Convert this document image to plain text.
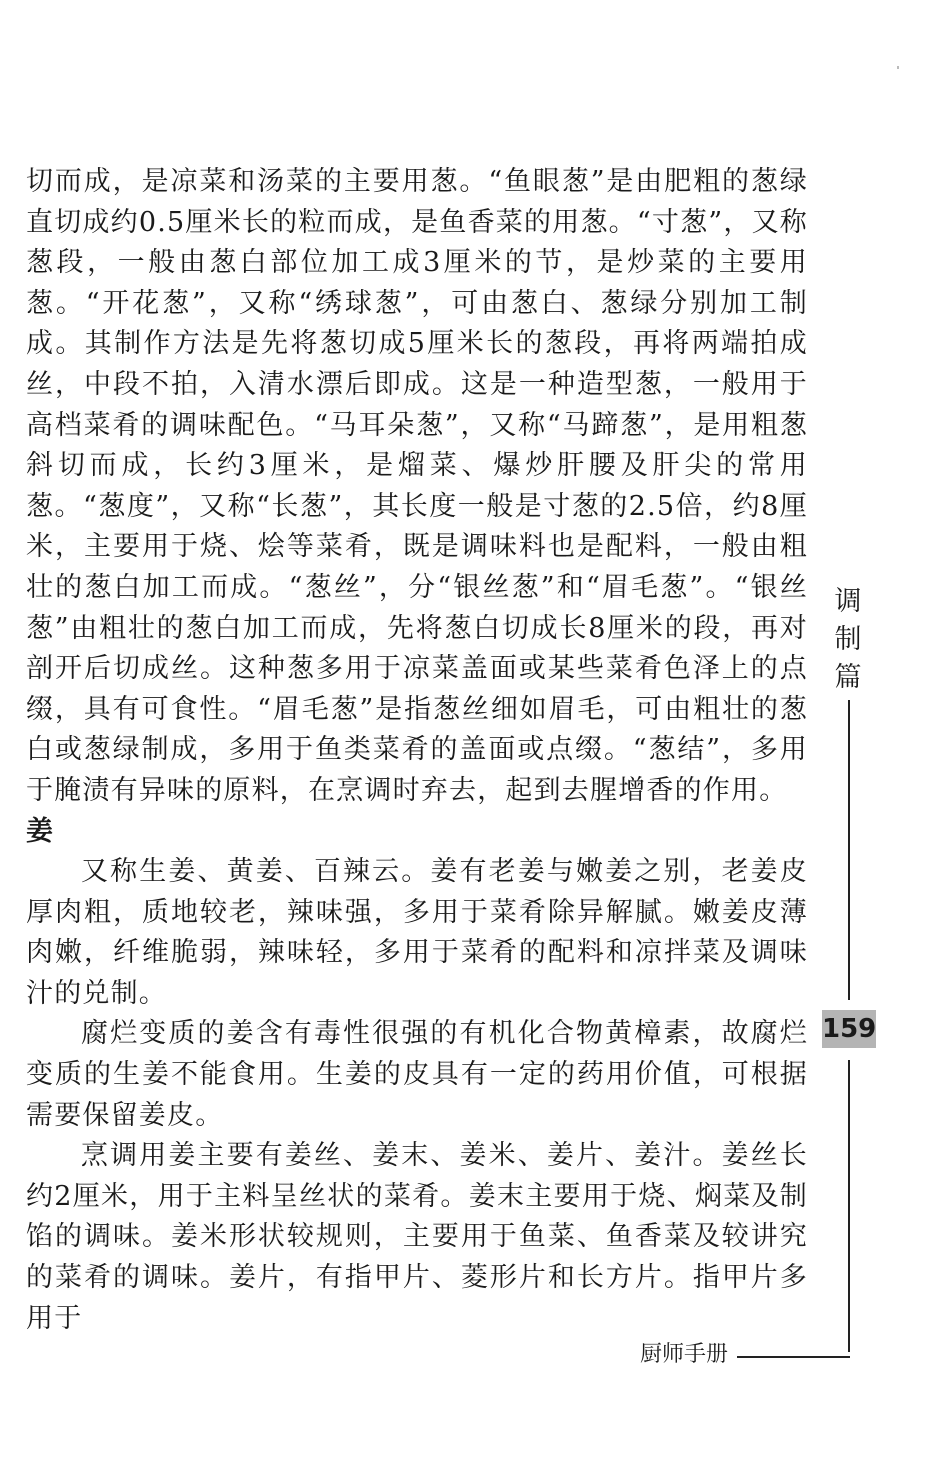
切而成，是凉菜和汤菜的主要用葱。“鱼眼葱”是由肥粗的葱绿直切成约0.5厘米长的粒而成，是鱼香菜的用葱。“寸葱”，又称葱段，一般由葱白部位加工成3厘米的节，是炒菜的主要用葱。“开花葱”，又称“绣球葱”，可由葱白、葱绿分别加工制成。其制作方法是先将葱切成5厘米长的葱段，再将两端拍成丝，中段不拍，入清水漂后即成。这是一种造型葱，一般用于高档菜肴的调味配色。“马耳朵葱”，又称“马蹄葱”，是用粗葱斜切而成，长约3厘米，是熘菜、爆炒肝腰及肝尖的常用葱。“葱度”，又称“长葱”，其长度一般是寸葱的2.5倍，约8厘米，主要用于烧、烩等菜肴，既是调味料也是配料，一般由粗壮的葱白加工而成。“葱丝”，分“银丝葱”和“眉毛葱”。“银丝葱”由粗壮的葱白加工而成，先将葱白切成长8厘米的段，再对剖开后切成丝。这种葱多用于凉菜盖面或某些菜肴色泽上的点缀，具有可食性。“眉毛葱”是指葱丝细如眉毛，可由粗壮的葱白或葱绿制成，多用于鱼类菜肴的盖面或点缀。“葱结”，多用于腌渍有异味的原料，在烹调时弃去，起到去腥增香的作用。

姜

又称生姜、黄姜、百辣云。姜有老姜与嫩姜之别，老姜皮厚肉粗，质地较老，辣味强，多用于菜肴除异解腻。嫩姜皮薄肉嫩，纤维脆弱，辣味轻，多用于菜肴的配料和凉拌菜及调味汁的兑制。

腐烂变质的姜含有毒性很强的有机化合物黄樟素，故腐烂变质的生姜不能食用。生姜的皮具有一定的药用价值，可根据需要保留姜皮。

烹调用姜主要有姜丝、姜末、姜米、姜片、姜汁。姜丝长约2厘米，用于主料呈丝状的菜肴。姜末主要用于烧、焖菜及制馅的调味。姜米形状较规则，主要用于鱼菜、鱼香菜及较讲究的菜肴的调味。姜片，有指甲片、菱形片和长方片。指甲片多用于

调
制
篇
159
厨师手册
